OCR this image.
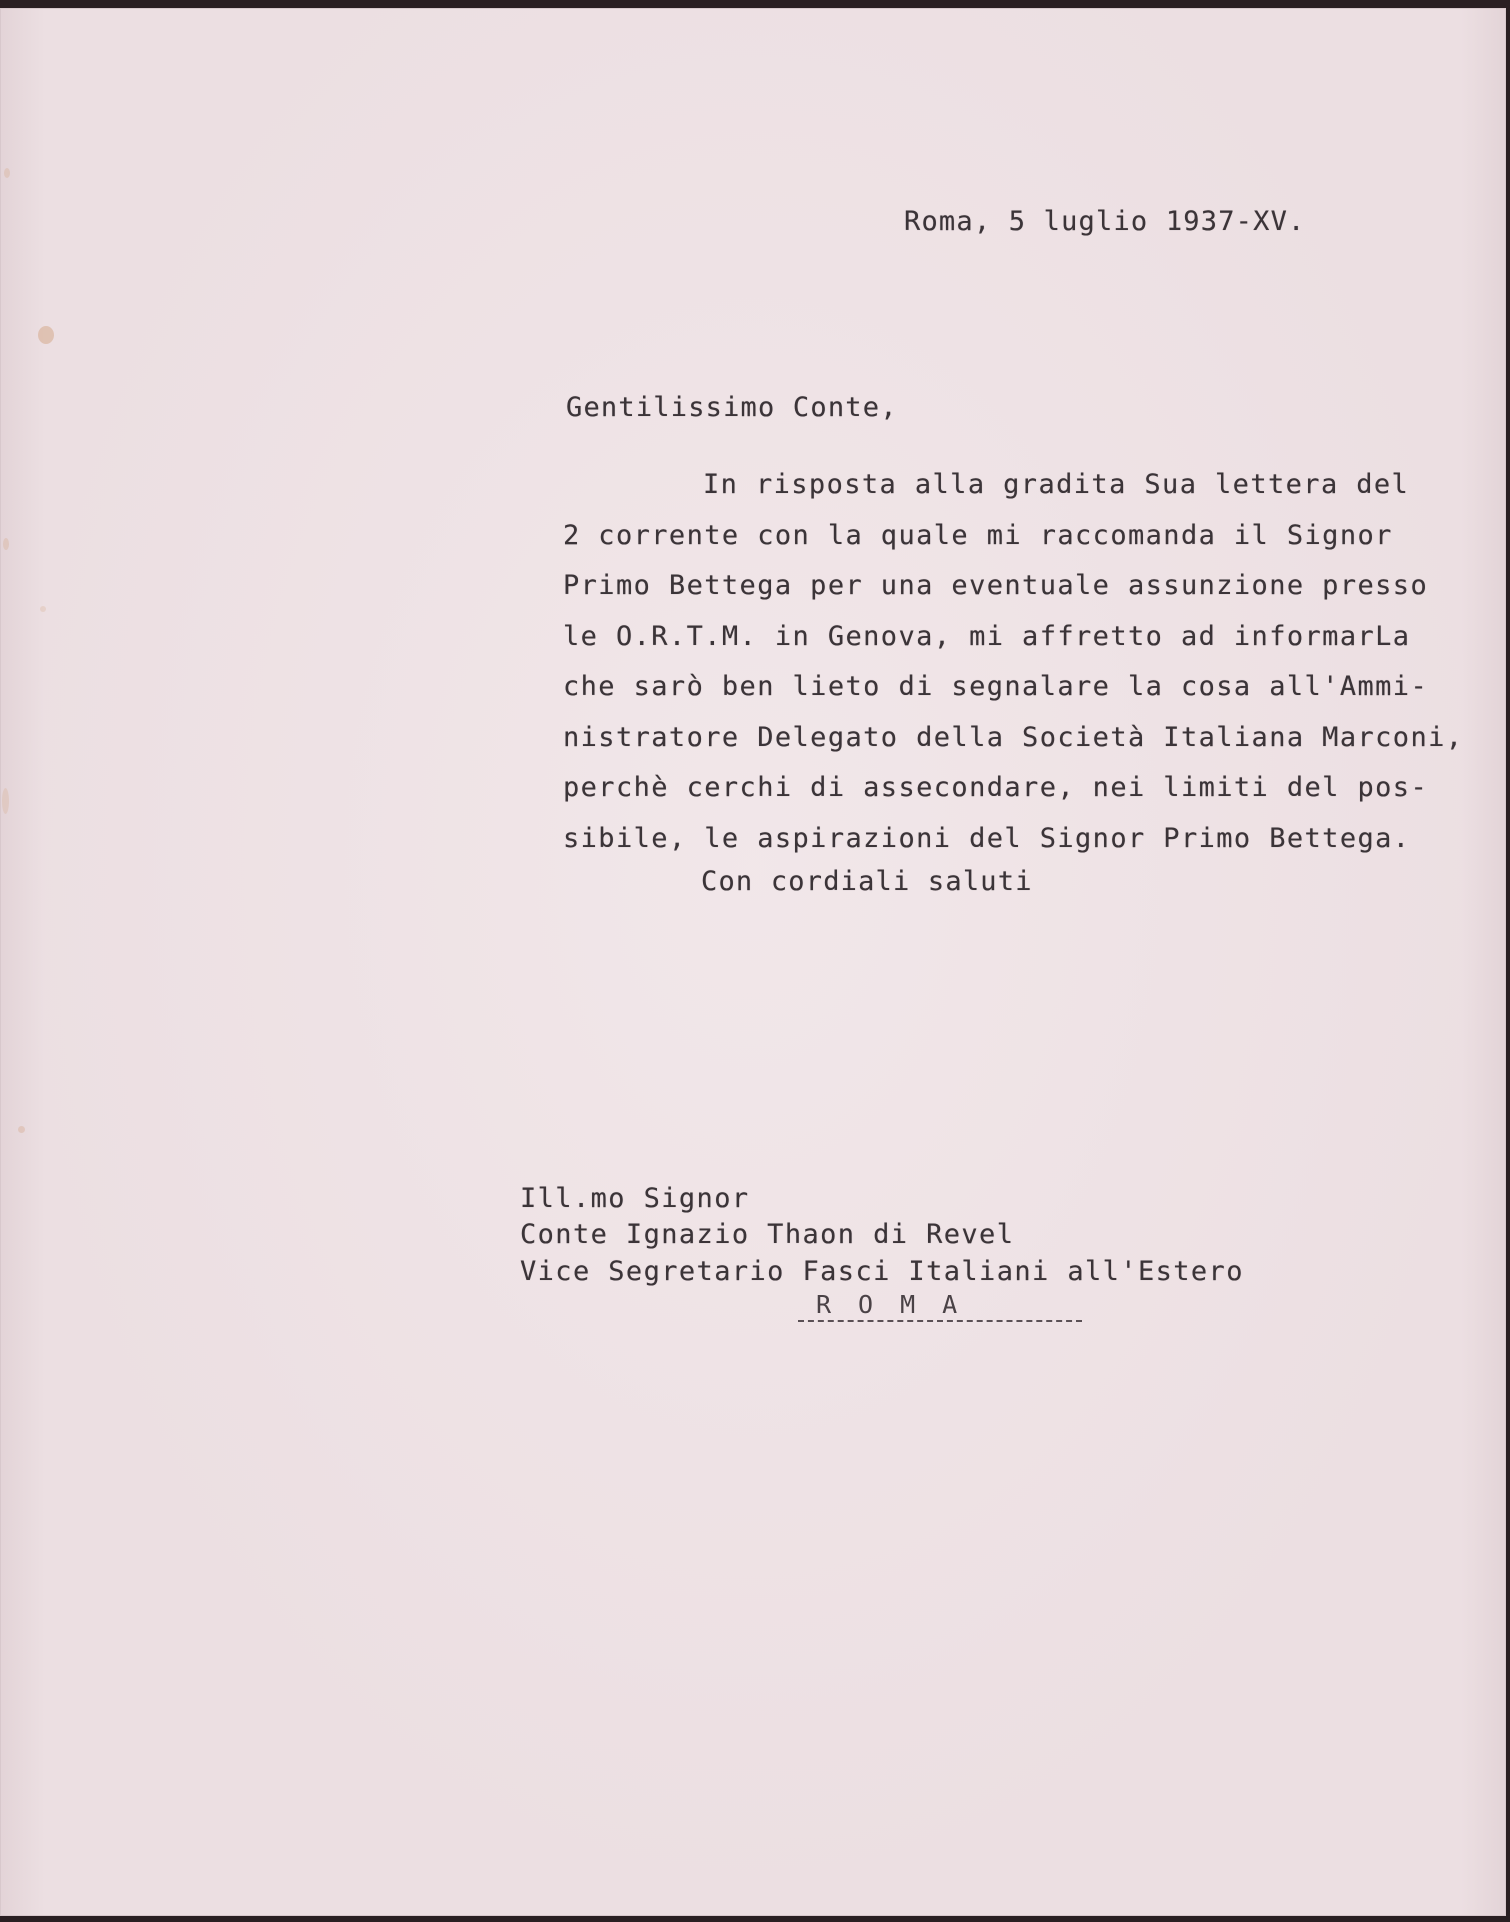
Roma, 5 luglio 1937-XV.

Gentilissimo Conte,

In risposta alla gradita Sua lettera del
2 corrente con la quale mi raccomanda il Signor
Primo Bettega per una eventuale assunzione presso
le O.R.T.M. in Genova, mi affretto ad informarLa
che sarò ben lieto di segnalare la cosa all'Ammi-
nistratore Delegato della Società Italiana Marconi,
perchè cerchi di assecondare, nei limiti del pos-
sibile, le aspirazioni del Signor Primo Bettega.

Con cordiali saluti

Ill.mo Signor

Conte Ignazio Thaon di Revel

Vice Segretario Fasci Italiani all'Estero

ROMA
